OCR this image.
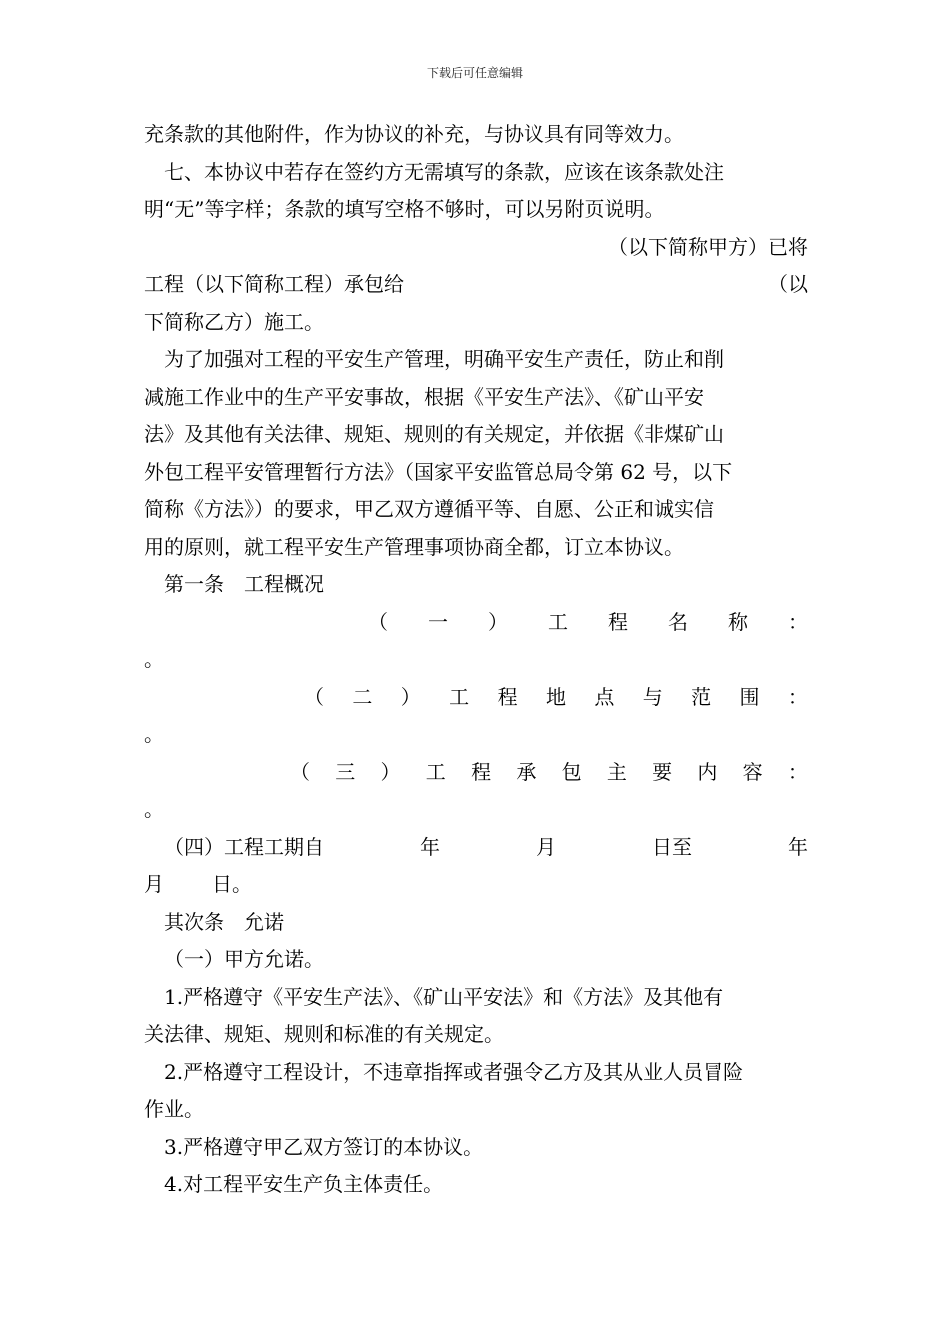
下载后可任意编辑

充条款的其他附件，作为协议的补充，与协议具有同等效力。

七、本协议中若存在签约方无需填写的条款，应该在该条款处注

明“无”等字样；条款的填写空格不够时，可以另附页说明。

（以下简称甲方）已将

工程（以下简称工程）承包给	（以

下简称乙方）施工。

为了加强对工程的平安生产管理，明确平安生产责任，防止和削

减施工作业中的生产平安事故，根据《平安生产法》、《矿山平安

法》及其他有关法律、规矩、规则的有关规定，并依据《非煤矿山

外包工程平安管理暂行方法》（国家平安监管总局令第 62 号，以下

简称《方法》）的要求，甲乙双方遵循平等、自愿、公正和诚实信

用的原则，就工程平安生产管理事项协商全都，订立本协议。

第一条　工程概况

（ 一 ） 工 程 名 称 ：

。

（ 二 ） 工 程 地 点 与 范 围 ：

。

（ 三 ） 工 程 承 包 主 要 内 容 ：

。

（四）工程工期自	年	月	日至	年

月 日。

其次条　允诺

（一）甲方允诺。

1.严格遵守《平安生产法》、《矿山平安法》和《方法》及其他有

关法律、规矩、规则和标准的有关规定。

2.严格遵守工程设计，不违章指挥或者强令乙方及其从业人员冒险

作业。

3.严格遵守甲乙双方签订的本协议。

4.对工程平安生产负主体责任。
